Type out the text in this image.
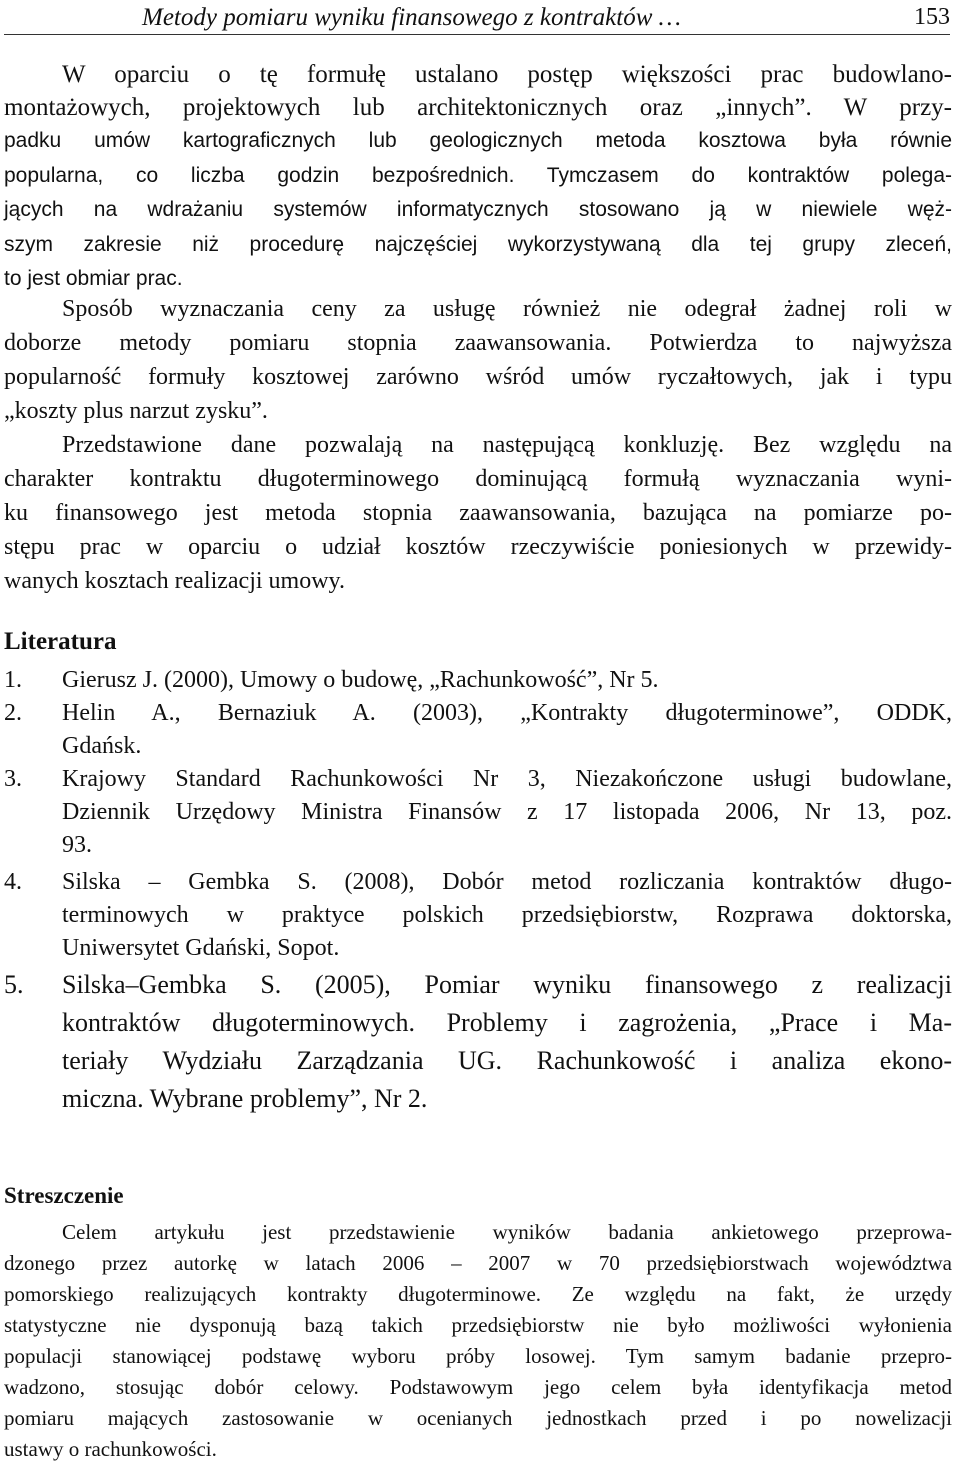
Metody pomiaru wyniku finansowego z kontraktów …	153
W oparciu o tę formułę ustalano postęp większości prac budowlano-
montażowych, projektowych lub architektonicznych oraz „innych”. W przy-
padku umów kartograficznych lub geologicznych metoda kosztowa była równie
popularna, co liczba godzin bezpośrednich. Tymczasem do kontraktów polega-
jących na wdrażaniu systemów informatycznych stosowano ją w niewiele węż-
szym zakresie niż procedurę najczęściej wykorzystywaną dla tej grupy zleceń,
to jest obmiar prac.
Sposób wyznaczania ceny za usługę również nie odegrał żadnej roli w
doborze metody pomiaru stopnia zaawansowania. Potwierdza to najwyższa
popularność formuły kosztowej zarówno wśród umów ryczałtowych, jak i typu
„koszty plus narzut zysku”.
Przedstawione dane pozwalają na następującą konkluzję. Bez względu na
charakter kontraktu długoterminowego dominującą formułą wyznaczania wyni-
ku finansowego jest metoda stopnia zaawansowania, bazująca na pomiarze po-
stępu prac w oparciu o udział kosztów rzeczywiście poniesionych w przewidy-
wanych kosztach realizacji umowy.
Literatura
1. Gierusz J. (2000), Umowy o budowę, „Rachunkowość”, Nr 5.
2. Helin A., Bernaziuk A. (2003), „Kontrakty długoterminowe”, ODDK,
Gdańsk.
3. Krajowy Standard Rachunkowości Nr 3, Niezakończone usługi budowlane,
Dziennik Urzędowy Ministra Finansów z 17 listopada 2006, Nr 13, poz.
93.
4. Silska – Gembka S. (2008), Dobór metod rozliczania kontraktów długo-
terminowych w praktyce polskich przedsiębiorstw, Rozprawa doktorska,
Uniwersytet Gdański, Sopot.
5. Silska–Gembka S. (2005), Pomiar wyniku finansowego z realizacji
kontraktów długoterminowych. Problemy i zagrożenia, „Prace i Ma-
teriały Wydziału Zarządzania UG. Rachunkowość i analiza ekono-
miczna. Wybrane problemy”, Nr 2.
Streszczenie
Celem artykułu jest przedstawienie wyników badania ankietowego przeprowa-
dzonego przez autorkę w latach 2006 – 2007 w 70 przedsiębiorstwach województwa
pomorskiego realizujących kontrakty długoterminowe. Ze względu na fakt, że urzędy
statystyczne nie dysponują bazą takich przedsiębiorstw nie było możliwości wyłonienia
populacji stanowiącej podstawę wyboru próby losowej. Tym samym badanie przepro-
wadzono, stosując dobór celowy. Podstawowym jego celem była identyfikacja metod
pomiaru mających zastosowanie w ocenianych jednostkach przed i po nowelizacji
ustawy o rachunkowości.
